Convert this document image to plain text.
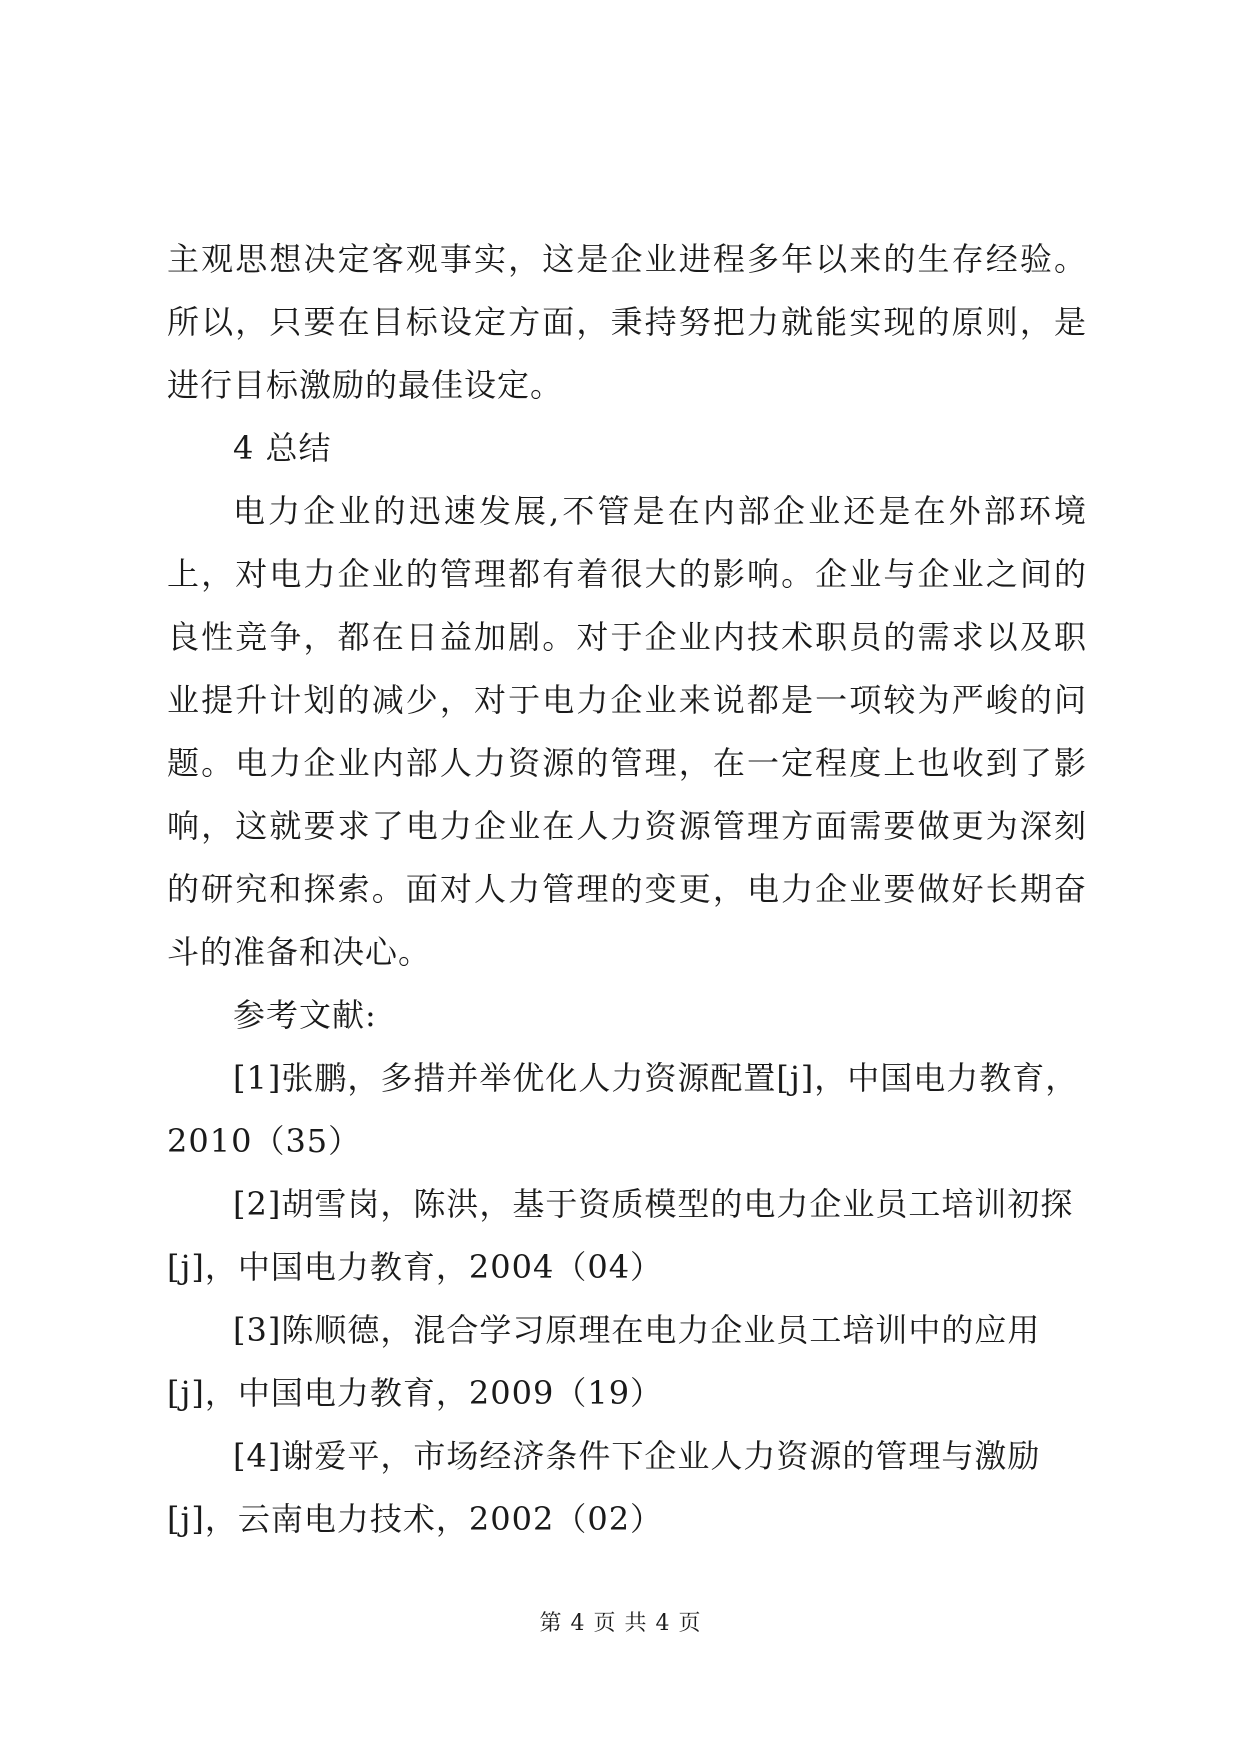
主观思想决定客观事实，这是企业进程多年以来的生存经验。所以，只要在目标设定方面，秉持努把力就能实现的原则，是进行目标激励的最佳设定。

4 总结

电力企业的迅速发展,不管是在内部企业还是在外部环境上，对电力企业的管理都有着很大的影响。企业与企业之间的良性竞争，都在日益加剧。对于企业内技术职员的需求以及职业提升计划的减少，对于电力企业来说都是一项较为严峻的问题。电力企业内部人力资源的管理，在一定程度上也收到了影响，这就要求了电力企业在人力资源管理方面需要做更为深刻的研究和探索。面对人力管理的变更，电力企业要做好长期奋斗的准备和决心。

参考文献:

[1]张鹏，多措并举优化人力资源配置[j]，中国电力教育，2010（35）

[2]胡雪岗，陈洪，基于资质模型的电力企业员工培训初探[j]，中国电力教育，2004（04）

[3]陈顺德，混合学习原理在电力企业员工培训中的应用[j]，中国电力教育，2009（19）

[4]谢爱平，市场经济条件下企业人力资源的管理与激励[j]，云南电力技术，2002（02）

第 4 页 共 4 页
